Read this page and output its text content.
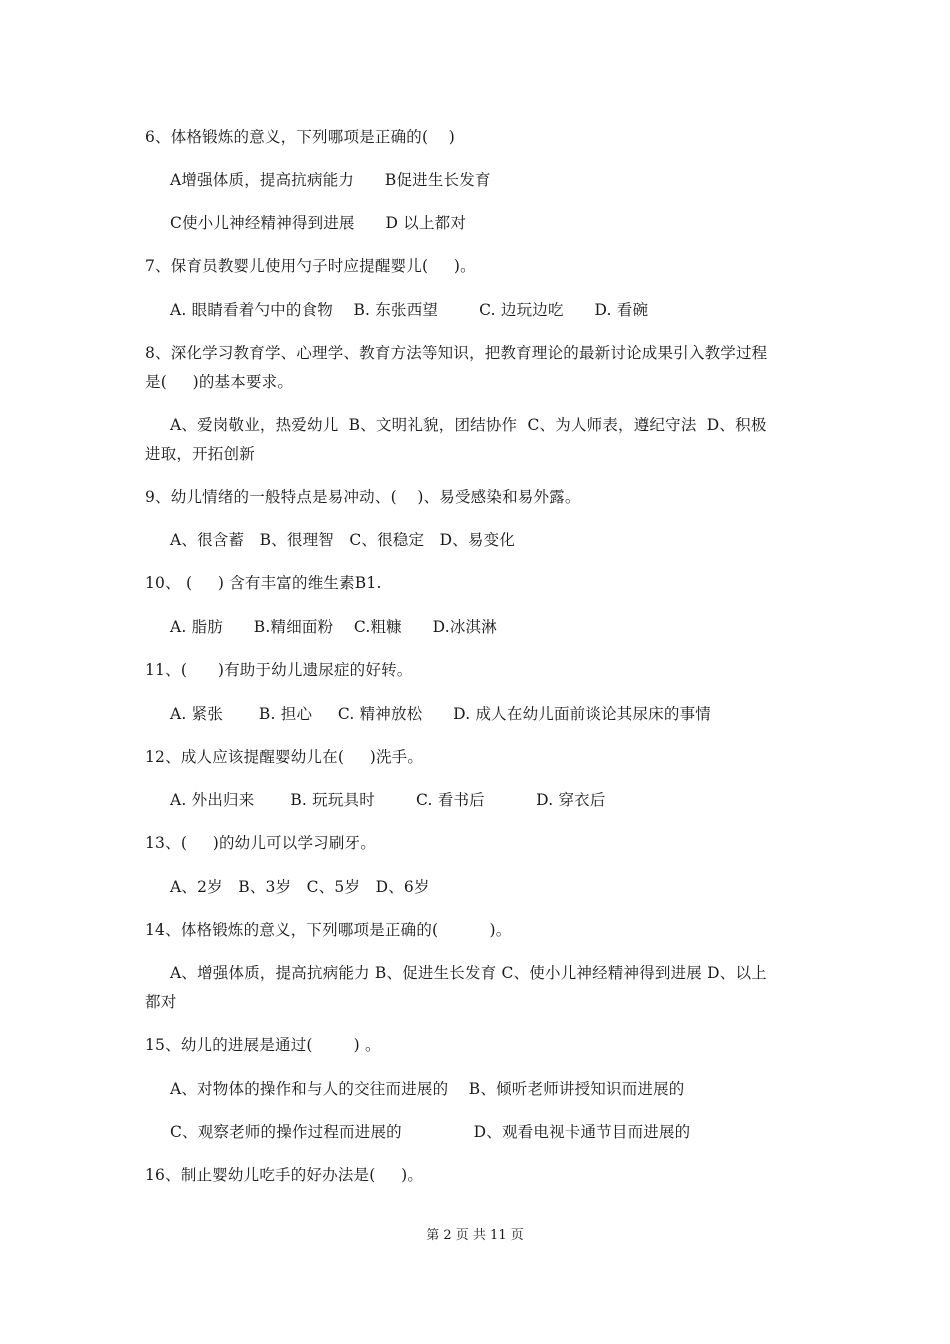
6、体格锻炼的意义，下列哪项是正确的(    )
A增强体质，提高抗病能力      B促进生长发育
C使小儿神经精神得到进展      D 以上都对
7、保育员教婴儿使用勺子时应提醒婴儿(     )。
A. 眼睛看着勺中的食物    B. 东张西望        C. 边玩边吃      D. 看碗
8、深化学习教育学、心理学、教育方法等知识，把教育理论的最新讨论成果引入教学过程
是(     )的基本要求。
A、爱岗敬业，热爱幼儿  B、文明礼貌，团结协作  C、为人师表，遵纪守法  D、积极
进取，开拓创新
9、幼儿情绪的一般特点是易冲动、(    )、易受感染和易外露。
A、很含蓄   B、很理智   C、很稳定   D、易变化
10、 (     ) 含有丰富的维生素B1.
A. 脂肪      B.精细面粉    C.粗糠      D.冰淇淋
11、(      )有助于幼儿遗尿症的好转。
A. 紧张       B. 担心     C. 精神放松      D. 成人在幼儿面前谈论其尿床的事情
12、成人应该提醒婴幼儿在(     )洗手。
A. 外出归来       B. 玩玩具时        C. 看书后          D. 穿衣后
13、(     )的幼儿可以学习刷牙。
A、2岁   B、3岁   C、5岁   D、6岁
14、体格锻炼的意义，下列哪项是正确的(          )。
A、增强体质，提高抗病能力 B、促进生长发育 C、使小儿神经精神得到进展 D、以上
都对
15、幼儿的进展是通过(        ) 。
A、对物体的操作和与人的交往而进展的    B、倾听老师讲授知识而进展的
C、观察老师的操作过程而进展的              D、观看电视卡通节目而进展的
16、制止婴幼儿吃手的好办法是(     )。
第 2 页 共 11 页
